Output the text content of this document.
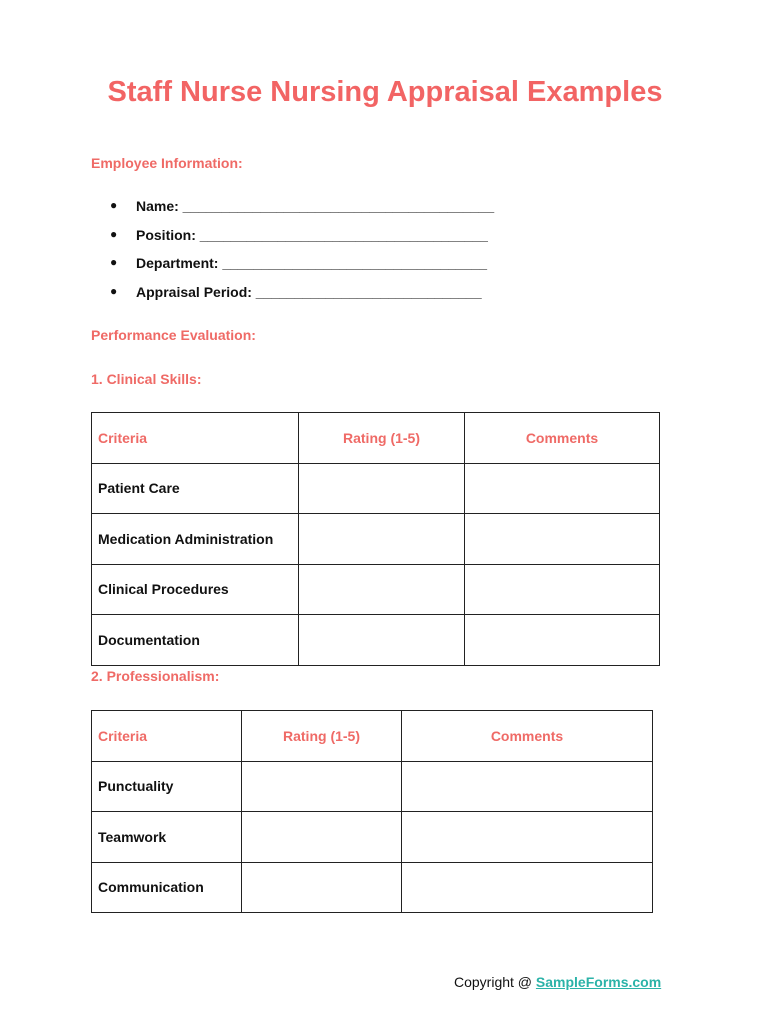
Staff Nurse Nursing Appraisal Examples

Employee Information:

●	Name: ________________________________________
●	Position: _____________________________________
●	Department: __________________________________
●	Appraisal Period: _____________________________

Performance Evaluation:

1. Clinical Skills:

Criteria	Rating (1-5)	Comments
Patient Care		
Medication Administration		
Clinical Procedures		
Documentation		

2. Professionalism:

Criteria	Rating (1-5)	Comments
Punctuality		
Teamwork		
Communication		
Copyright @ SampleForms.com
